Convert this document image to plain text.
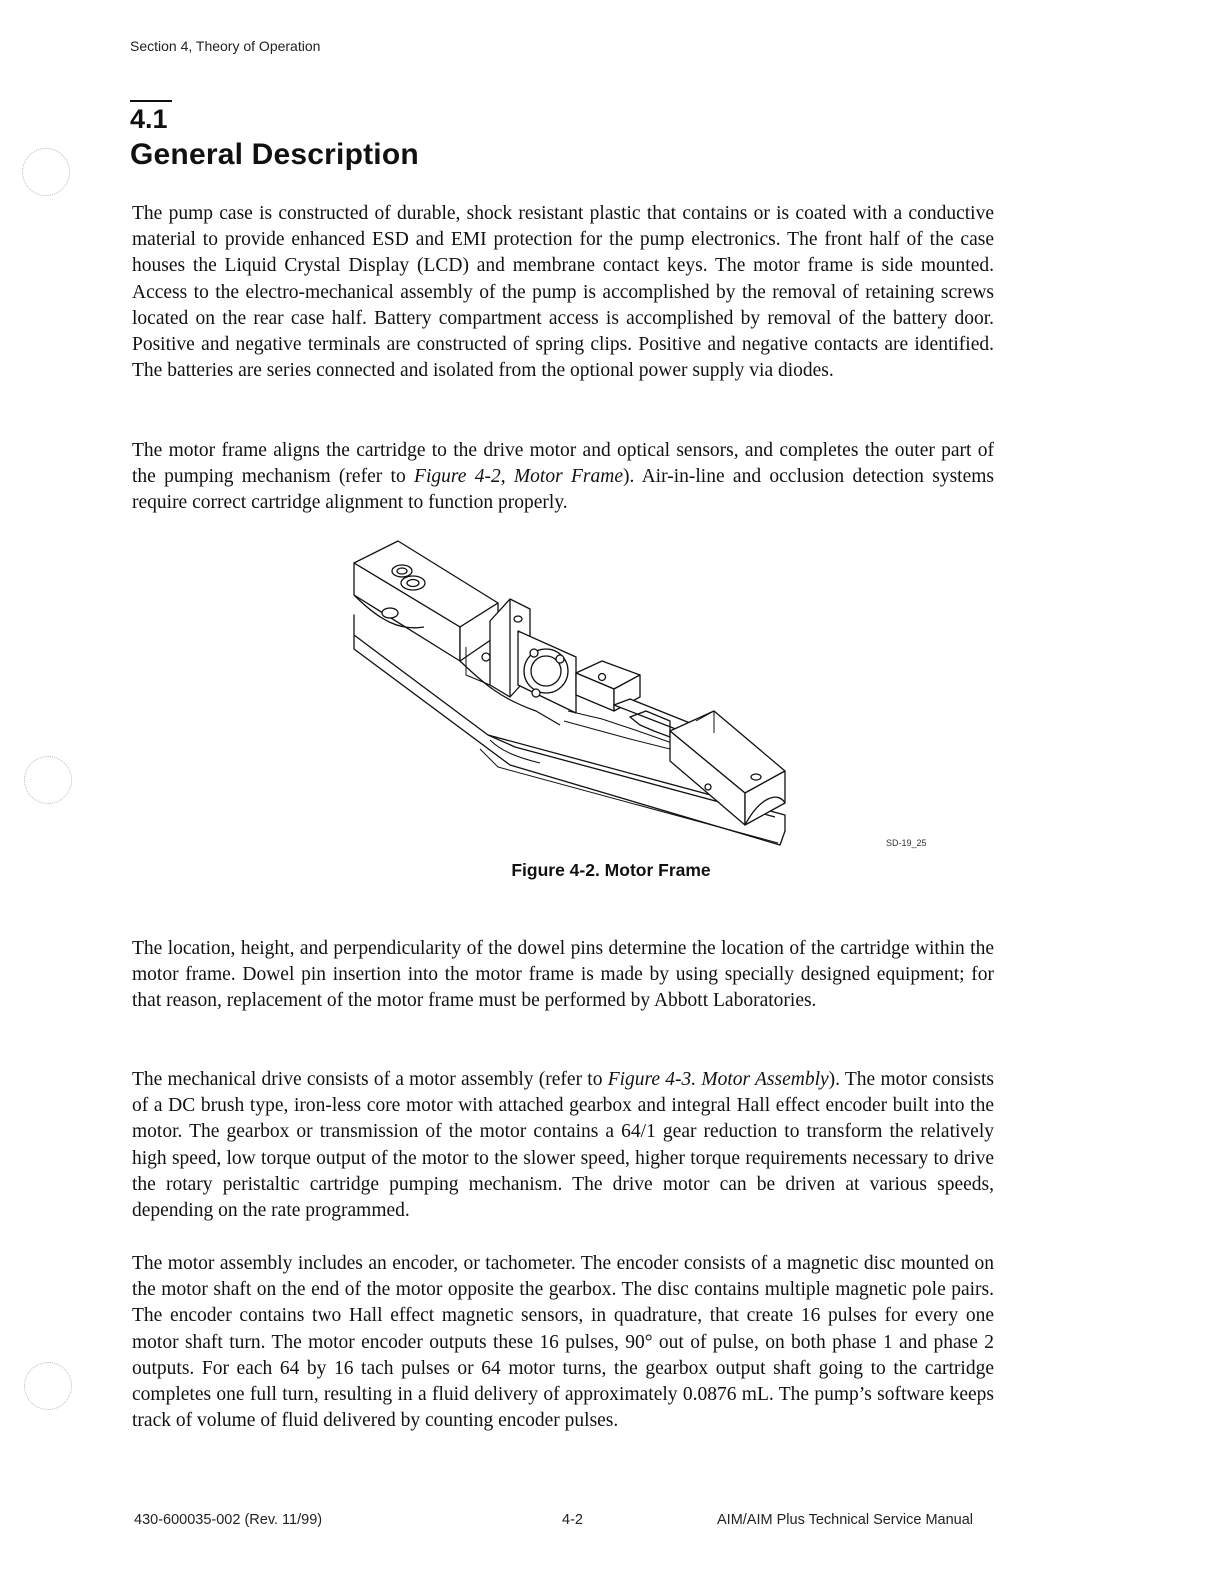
Section 4, Theory of Operation
4.1
General Description

The pump case is constructed of durable, shock resistant plastic that contains or is coated with a conductive material to provide enhanced ESD and EMI protection for the pump electronics. The front half of the case houses the Liquid Crystal Display (LCD) and membrane contact keys. The motor frame is side mounted. Access to the electro-mechanical assembly of the pump is accomplished by the removal of retaining screws located on the rear case half. Battery compartment access is accomplished by removal of the battery door. Positive and negative terminals are constructed of spring clips. Positive and negative contacts are identified. The batteries are series connected and isolated from the optional power supply via diodes.

The motor frame aligns the cartridge to the drive motor and optical sensors, and completes the outer part of the pumping mechanism (refer to Figure 4-2, Motor Frame). Air-in-line and occlusion detection systems require correct cartridge alignment to function properly.

SD-19_25
Figure 4-2. Motor Frame

The location, height, and perpendicularity of the dowel pins determine the location of the cartridge within the motor frame. Dowel pin insertion into the motor frame is made by using specially designed equipment; for that reason, replacement of the motor frame must be performed by Abbott Laboratories.

The mechanical drive consists of a motor assembly (refer to Figure 4-3. Motor Assembly). The motor consists of a DC brush type, iron-less core motor with attached gearbox and integral Hall effect encoder built into the motor. The gearbox or transmission of the motor contains a 64/1 gear reduction to transform the relatively high speed, low torque output of the motor to the slower speed, higher torque requirements necessary to drive the rotary peristaltic cartridge pumping mechanism. The drive motor can be driven at various speeds, depending on the rate programmed.

The motor assembly includes an encoder, or tachometer. The encoder consists of a magnetic disc mounted on the motor shaft on the end of the motor opposite the gearbox. The disc contains multiple magnetic pole pairs. The encoder contains two Hall effect magnetic sensors, in quadrature, that create 16 pulses for every one motor shaft turn. The motor encoder outputs these 16 pulses, 90° out of pulse, on both phase 1 and phase 2 outputs. For each 64 by 16 tach pulses or 64 motor turns, the gearbox output shaft going to the cartridge completes one full turn, resulting in a fluid delivery of approximately 0.0876 mL. The pump’s software keeps track of volume of fluid delivered by counting encoder pulses.

430-600035-002 (Rev. 11/99)	4-2	AIM/AIM Plus Technical Service Manual
